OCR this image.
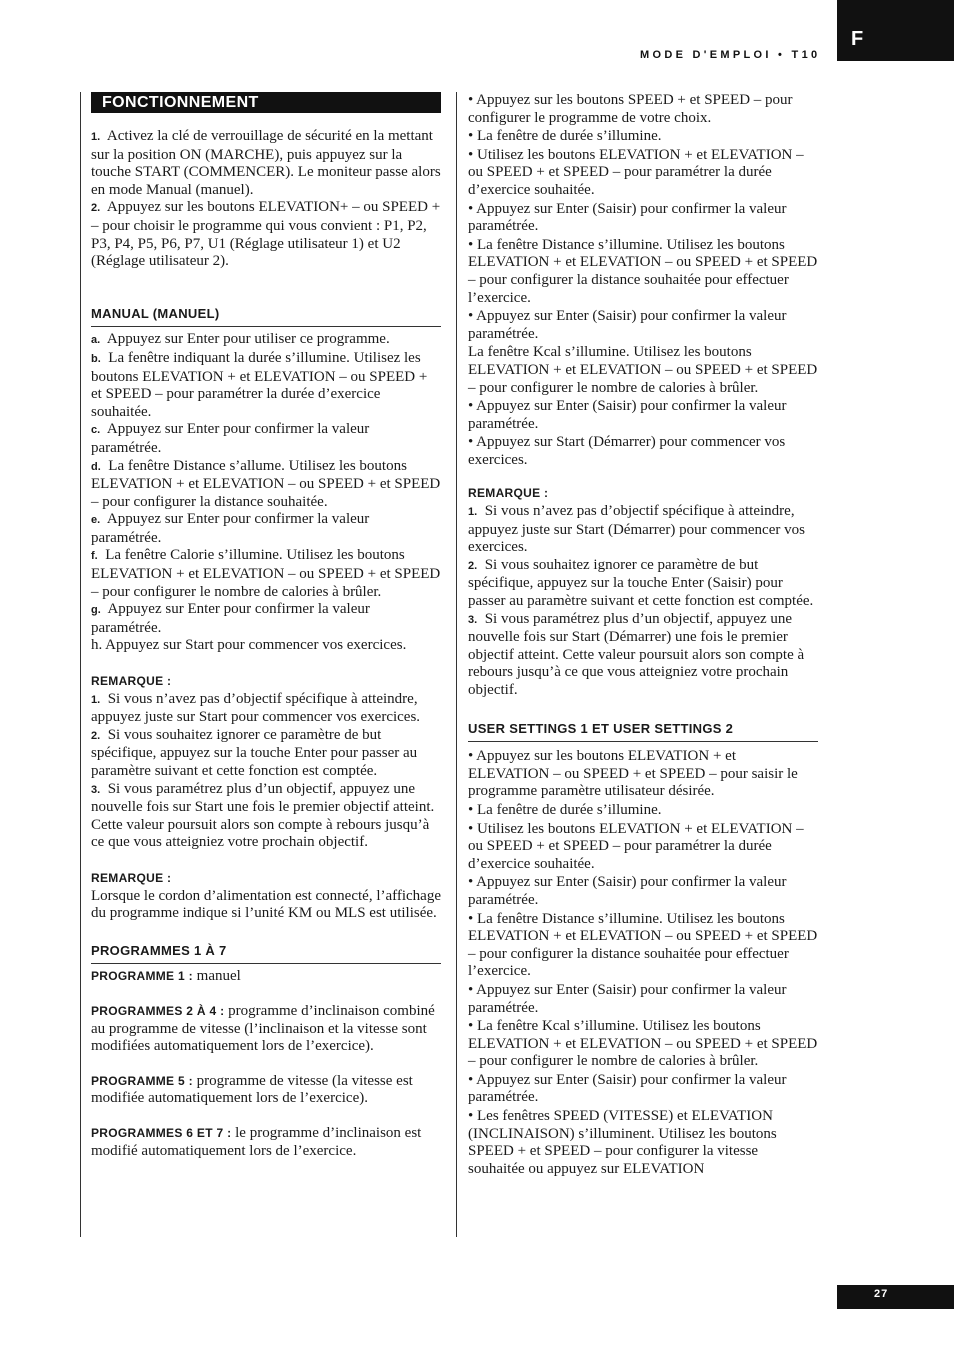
F
MODE D'EMPLOI • T10
FONCTIONNEMENT

1. Activez la clé de verrouillage de sécurité en la mettant sur la position ON (MARCHE), puis appuyez sur la touche START (COMMENCER). Le moniteur passe alors en mode Manual (manuel).

2. Appuyez sur les boutons ELEVATION+ – ou SPEED + – pour choisir le programme qui vous convient : P1, P2, P3, P4, P5, P6, P7, U1 (Réglage utilisateur 1) et U2 (Réglage utilisateur 2).

MANUAL (MANUEL)

a. Appuyez sur Enter pour utiliser ce programme.

b. La fenêtre indiquant la durée s’illumine. Utilisez les boutons ELEVATION + et ELEVATION – ou SPEED + et SPEED – pour paramétrer la durée d’exercice souhaitée.

c. Appuyez sur Enter pour confirmer la valeur paramétrée.

d. La fenêtre Distance s’allume. Utilisez les boutons ELEVATION + et ELEVATION – ou SPEED + et SPEED – pour configurer la distance souhaitée.

e. Appuyez sur Enter pour confirmer la valeur paramétrée.

f. La fenêtre Calorie s’illumine. Utilisez les boutons ELEVATION + et ELEVATION – ou SPEED + et SPEED – pour configurer le nombre de calories à brûler.

g. Appuyez sur Enter pour confirmer la valeur paramétrée.

h. Appuyez sur Start pour commencer vos exercices.

REMARQUE :

1. Si vous n’avez pas d’objectif spécifique à atteindre, appuyez juste sur Start pour commencer vos exercices.

2. Si vous souhaitez ignorer ce paramètre de but spécifique, appuyez sur la touche Enter pour passer au paramètre suivant et cette fonction est comptée.

3. Si vous paramétrez plus d’un objectif, appuyez une nouvelle fois sur Start une fois le premier objectif atteint. Cette valeur poursuit alors son compte à rebours jusqu’à ce que vous atteigniez votre prochain objectif.

REMARQUE :

Lorsque le cordon d’alimentation est connecté, l’affichage du programme indique si l’unité KM ou MLS est utilisée.

PROGRAMMES 1 À 7

PROGRAMME 1 : manuel

PROGRAMMES 2 À 4 : programme d’inclinaison combiné au programme de vitesse (l’inclinaison et la vitesse sont modifiées automatiquement lors de l’exercice).

PROGRAMME 5 : programme de vitesse (la vitesse est modifiée automatiquement lors de l’exercice).

PROGRAMMES 6 ET 7 : le programme d’inclinaison est modifié automatiquement lors de l’exercice.

• Appuyez sur les boutons SPEED + et SPEED – pour configurer le programme de votre choix.

• La fenêtre de durée s’illumine.

• Utilisez les boutons ELEVATION + et ELEVATION – ou SPEED + et SPEED – pour paramétrer la durée d’exercice souhaitée.

• Appuyez sur Enter (Saisir) pour confirmer la valeur paramétrée.

• La fenêtre Distance s’illumine. Utilisez les boutons ELEVATION + et ELEVATION – ou SPEED + et SPEED – pour configurer la distance souhaitée pour effectuer l’exercice.

• Appuyez sur Enter (Saisir) pour confirmer la valeur paramétrée.

La fenêtre Kcal s’illumine. Utilisez les boutons ELEVATION + et ELEVATION – ou SPEED + et SPEED – pour configurer le nombre de calories à brûler.

• Appuyez sur Enter (Saisir) pour confirmer la valeur paramétrée.

• Appuyez sur Start (Démarrer) pour commencer vos exercices.

REMARQUE :

1. Si vous n’avez pas d’objectif spécifique à atteindre, appuyez juste sur Start (Démarrer) pour commencer vos exercices.

2. Si vous souhaitez ignorer ce paramètre de but spécifique, appuyez sur la touche Enter (Saisir) pour passer au paramètre suivant et cette fonction est comptée.

3. Si vous paramétrez plus d’un objectif, appuyez une nouvelle fois sur Start (Démarrer) une fois le premier objectif atteint. Cette valeur poursuit alors son compte à rebours jusqu’à ce que vous atteigniez votre prochain objectif.

USER SETTINGS 1 ET USER SETTINGS 2

• Appuyez sur les boutons ELEVATION + et ELEVATION – ou SPEED + et SPEED – pour saisir le programme paramètre utilisateur désirée.

• La fenêtre de durée s’illumine.

• Utilisez les boutons ELEVATION + et ELEVATION – ou SPEED + et SPEED – pour paramétrer la durée d’exercice souhaitée.

• Appuyez sur Enter (Saisir) pour confirmer la valeur paramétrée.

• La fenêtre Distance s’illumine. Utilisez les boutons ELEVATION + et ELEVATION – ou SPEED + et SPEED – pour configurer la distance souhaitée pour effectuer l’exercice.

• Appuyez sur Enter (Saisir) pour confirmer la valeur paramétrée.

• La fenêtre Kcal s’illumine. Utilisez les boutons ELEVATION + et ELEVATION – ou SPEED + et SPEED – pour configurer le nombre de calories à brûler.

• Appuyez sur Enter (Saisir) pour confirmer la valeur paramétrée.

• Les fenêtres SPEED (VITESSE) et ELEVATION (INCLINAISON) s’illuminent. Utilisez les boutons SPEED + et SPEED – pour configurer la vitesse souhaitée ou appuyez sur ELEVATION

27
